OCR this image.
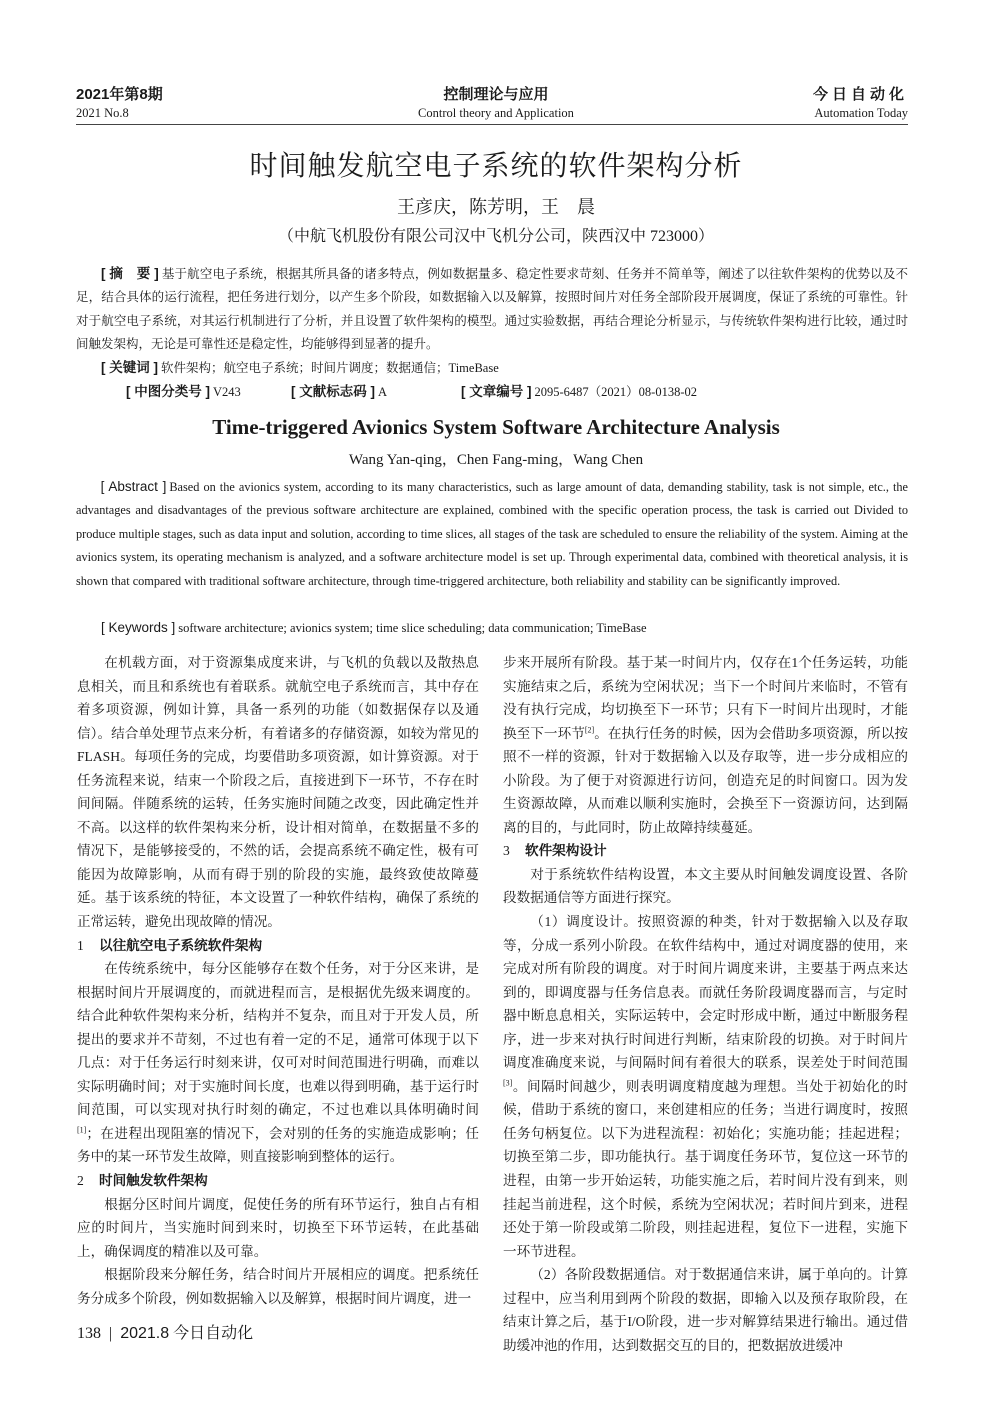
2021年第8期
2021 No.8
控制理论与应用
Control theory and Application
今日自动化
Automation Today
时间触发航空电子系统的软件架构分析
王彦庆，陈芳明，王　晨
（中航飞机股份有限公司汉中飞机分公司，陕西汉中 723000）
[ 摘　要 ] 基于航空电子系统，根据其所具备的诸多特点，例如数据量多、稳定性要求苛刻、任务并不简单等，阐述了以往软件架构的优势以及不足，结合具体的运行流程，把任务进行划分，以产生多个阶段，如数据输入以及解算，按照时间片对任务全部阶段开展调度，保证了系统的可靠性。针对于航空电子系统，对其运行机制进行了分析，并且设置了软件架构的模型。通过实验数据，再结合理论分析显示，与传统软件架构进行比较，通过时间触发架构，无论是可靠性还是稳定性，均能够得到显著的提升。
[ 关键词 ] 软件架构；航空电子系统；时间片调度；数据通信；TimeBase
[ 中图分类号 ] V243	[ 文献标志码 ] A	[ 文章编号 ] 2095-6487（2021）08-0138-02
Time-triggered Avionics System Software Architecture Analysis
Wang Yan-qing，Chen Fang-ming，Wang Chen
[ Abstract ] Based on the avionics system, according to its many characteristics, such as large amount of data, demanding stability, task is not simple, etc., the advantages and disadvantages of the previous software architecture are explained, combined with the specific operation process, the task is carried out Divided to produce multiple stages, such as data input and solution, according to time slices, all stages of the task are scheduled to ensure the reliability of the system. Aiming at the avionics system, its operating mechanism is analyzed, and a software architecture model is set up. Through experimental data, combined with theoretical analysis, it is shown that compared with traditional software architecture, through time-triggered architecture, both reliability and stability can be significantly improved.
[ Keywords ] software architecture; avionics system; time slice scheduling; data communication; TimeBase

在机载方面，对于资源集成度来讲，与飞机的负载以及散热息息相关，而且和系统也有着联系。就航空电子系统而言，其中存在着多项资源，例如计算，具备一系列的功能（如数据保存以及通信）。结合单处理节点来分析，有着诸多的存储资源，如较为常见的FLASH。每项任务的完成，均要借助多项资源，如计算资源。对于任务流程来说，结束一个阶段之后，直接进到下一环节，不存在时间间隔。伴随系统的运转，任务实施时间随之改变，因此确定性并不高。以这样的软件架构来分析，设计相对简单，在数据量不多的情况下，是能够接受的，不然的话，会提高系统不确定性，极有可能因为故障影响，从而有碍于别的阶段的实施，最终致使故障蔓延。基于该系统的特征，本文设置了一种软件结构，确保了系统的正常运转，避免出现故障的情况。

1 以往航空电子系统软件架构

在传统系统中，每分区能够存在数个任务，对于分区来讲，是根据时间片开展调度的，而就进程而言，是根据优先级来调度的。结合此种软件架构来分析，结构并不复杂，而且对于开发人员，所提出的要求并不苛刻，不过也有着一定的不足，通常可体现于以下几点：对于任务运行时刻来讲，仅可对时间范围进行明确，而难以实际明确时间；对于实施时间长度，也难以得到明确，基于运行时间范围，可以实现对执行时刻的确定，不过也难以具体明确时间[1]；在进程出现阻塞的情况下，会对别的任务的实施造成影响；任务中的某一环节发生故障，则直接影响到整体的运行。

2 时间触发软件架构

根据分区时间片调度，促使任务的所有环节运行，独自占有相应的时间片，当实施时间到来时，切换至下环节运转，在此基础上，确保调度的精准以及可靠。

根据阶段来分解任务，结合时间片开展相应的调度。把系统任务分成多个阶段，例如数据输入以及解算，根据时间片调度，进一

步来开展所有阶段。基于某一时间片内，仅存在1个任务运转，功能实施结束之后，系统为空闲状况；当下一个时间片来临时，不管有没有执行完成，均切换至下一环节；只有下一时间片出现时，才能换至下一环节[2]。在执行任务的时候，因为会借助多项资源，所以按照不一样的资源，针对于数据输入以及存取等，进一步分成相应的小阶段。为了便于对资源进行访问，创造充足的时间窗口。因为发生资源故障，从而难以顺利实施时，会换至下一资源访问，达到隔离的目的，与此同时，防止故障持续蔓延。

3 软件架构设计

对于系统软件结构设置，本文主要从时间触发调度设置、各阶段数据通信等方面进行探究。

（1）调度设计。按照资源的种类，针对于数据输入以及存取等，分成一系列小阶段。在软件结构中，通过对调度器的使用，来完成对所有阶段的调度。对于时间片调度来讲，主要基于两点来达到的，即调度器与任务信息表。而就任务阶段调度器而言，与定时器中断息息相关，实际运转中，会定时形成中断，通过中断服务程序，进一步来对执行时间进行判断，结束阶段的切换。对于时间片调度准确度来说，与间隔时间有着很大的联系，误差处于时间范围[3]。间隔时间越少，则表明调度精度越为理想。当处于初始化的时候，借助于系统的窗口，来创建相应的任务；当进行调度时，按照任务句柄复位。以下为进程流程：初始化；实施功能；挂起进程；切换至第二步，即功能执行。基于调度任务环节，复位这一环节的进程，由第一步开始运转，功能实施之后，若时间片没有到来，则挂起当前进程，这个时候，系统为空闲状况；若时间片到来，进程还处于第一阶段或第二阶段，则挂起进程，复位下一进程，实施下一环节进程。

（2）各阶段数据通信。对于数据通信来讲，属于单向的。计算过程中，应当利用到两个阶段的数据，即输入以及预存取阶段，在结束计算之后，基于I/O阶段，进一步对解算结果进行输出。通过借助缓冲池的作用，达到数据交互的目的，把数据放进缓冲

138 | 2021.8 今日自动化
